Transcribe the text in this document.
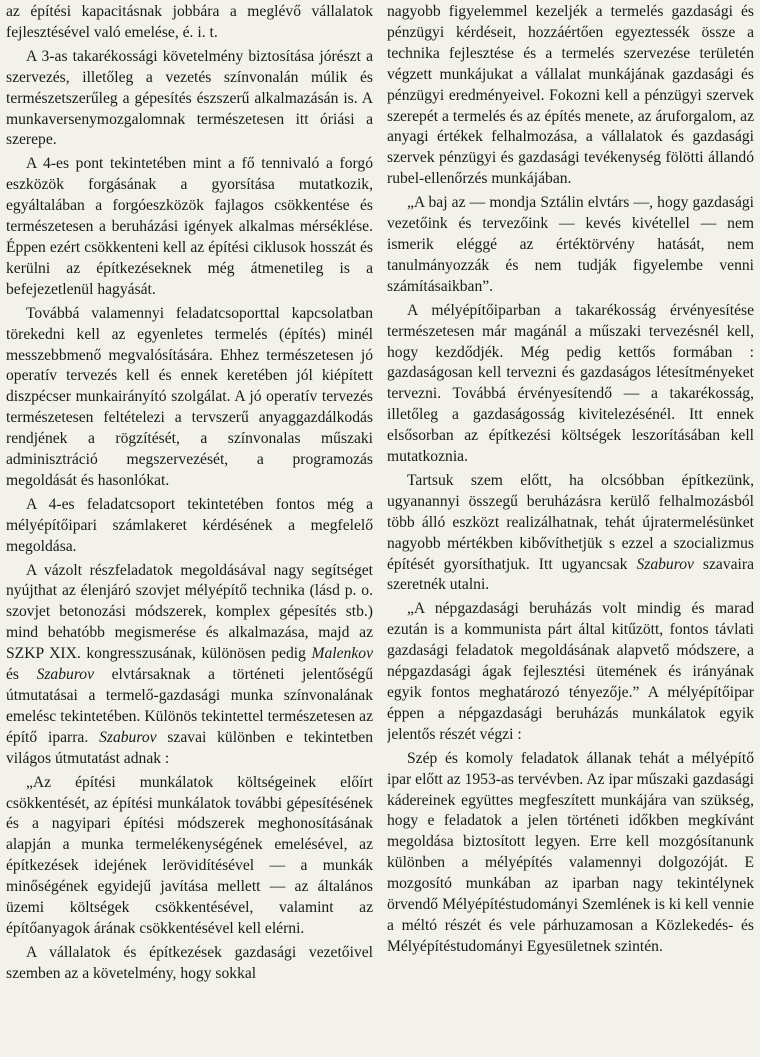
az építési kapacitásnak jobbára a meglévő vállalatok fejlesztésével való emelése, é. i. t.

A 3-as takarékossági követelmény biztosítása jórészt a szervezés, illetőleg a vezetés színvonalán múlik és természetszerűleg a gépesítés észszerű alkalmazásán is. A munkaversenymozgalomnak természetesen itt óriási a szerepe.

A 4-es pont tekintetében mint a fő tennivaló a forgó eszközök forgásának a gyorsítása mutatkozik, egyáltalában a forgóeszközök fajlagos csökkentése és természetesen a beruházási igények alkalmas mérséklése. Éppen ezért csökkenteni kell az építési ciklusok hosszát és kerülni az építkezéseknek még átmenetileg is a befejezetlenül hagyását.

Továbbá valamennyi feladatcsoporttal kapcsolatban törekedni kell az egyenletes termelés (építés) minél messzebbmenő megvalósítására. Ehhez természetesen jó operatív tervezés kell és ennek keretében jól kiépített diszpécser munkairányító szolgálat. A jó operatív tervezés természetesen feltételezi a tervszerű anyaggazdálkodás rendjének a rögzítését, a színvonalas műszaki adminisztráció megszervezését, a programozás megoldását és hasonlókat.

A 4-es feladatcsoport tekintetében fontos még a mélyépítőipari számlakeret kérdésének a megfelelő megoldása.

A vázolt részfeladatok megoldásával nagy segítséget nyújthat az élenjáró szovjet mélyépítő technika (lásd p. o. szovjet betonozási módszerek, komplex gépesítés stb.) mind behatóbb megismerése és alkalmazása, majd az SZKP XIX. kongresszusának, különösen pedig Malenkov és Szaburov elvtársaknak a történeti jelentőségű útmutatásai a termelő-gazdasági munka színvonalának emelésc tekintetében. Különös tekintettel természetesen az építő iparra. Szaburov szavai különben e tekintetben világos útmutatást adnak :

„Az építési munkálatok költségeinek előírt csökkentését, az építési munkálatok további gépesítésének és a nagyipari építési módszerek meghonosításának alapján a munka termelékenységének emelésével, az építkezések idejének lerövidítésével — a munkák minőségének egyidejű javítása mellett — az általános üzemi költségek csökkentésével, valamint az építőanyagok árának csökkentésével kell elérni.

A vállalatok és építkezések gazdasági vezetőivel szemben az a követelmény, hogy sokkal

nagyobb figyelemmel kezeljék a termelés gazdasági és pénzügyi kérdéseit, hozzáértően egyeztessék össze a technika fejlesztése és a termelés szervezése területén végzett munkájukat a vállalat munkájának gazdasági és pénzügyi eredményeivel. Fokozni kell a pénzügyi szervek szerepét a termelés és az építés menete, az áruforgalom, az anyagi értékek felhalmozása, a vállalatok és gazdasági szervek pénzügyi és gazdasági tevékenység fölötti állandó rubel-ellenőrzés munkájában.

„A baj az — mondja Sztálin elvtárs —, hogy gazdasági vezetőink és tervezőink — kevés kivétellel — nem ismerik eléggé az értéktörvény hatását, nem tanulmányozzák és nem tudják figyelembe venni számításaikban”.

A mélyépítőiparban a takarékosság érvényesítése természetesen már magánál a műszaki tervezésnél kell, hogy kezdődjék. Még pedig kettős formában : gazdaságosan kell tervezni és gazdaságos létesítményeket tervezni. Továbbá érvényesítendő — a takarékosság, illetőleg a gazdaságosság kivitelezésénél. Itt ennek elsősorban az építkezési költségek leszorításában kell mutatkoznia.

Tartsuk szem előtt, ha olcsóbban építkezünk, ugyanannyi összegű beruházásra kerülő felhalmozásból több álló eszközt realizálhatnak, tehát újratermelésünket nagyobb mértékben kibővíthetjük s ezzel a szocializmus építését gyorsíthatjuk. Itt ugyancsak Szaburov szavaira szeretnék utalni.

„A népgazdasági beruházás volt mindig és marad ezután is a kommunista párt által kitűzött, fontos távlati gazdasági feladatok megoldásának alapvető módszere, a népgazdasági ágak fejlesztési ütemének és irányának egyik fontos meghatározó tényezője.” A mélyépítőipar éppen a népgazdasági beruházás munkálatok egyik jelentős részét végzi :

Szép és komoly feladatok állanak tehát a mélyépítő ipar előtt az 1953-as tervévben. Az ipar műszaki gazdasági kádereinek együttes megfeszített munkájára van szükség, hogy e feladatok a jelen történeti időkben megkívánt megoldása biztosított legyen. Erre kell mozgósítanunk különben a mélyépítés valamennyi dolgozóját. E mozgosító munkában az iparban nagy tekintélynek örvendő Mélyépítéstudományi Szemlének is ki kell vennie a méltó részét és vele párhuzamosan a Közlekedés- és Mélyépítéstudományi Egyesületnek szintén.
